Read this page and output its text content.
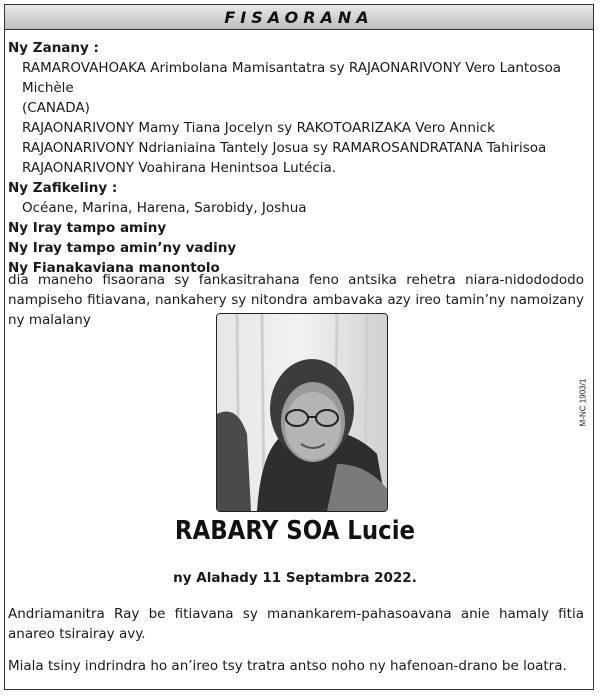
FISAORANA
Ny Zanany :
RAMAROVAHOAKA Arimbolana Mamisantatra sy RAJAONARIVONY Vero Lantosoa Michèle
(CANADA)
RAJAONARIVONY Mamy Tiana Jocelyn sy RAKOTOARIZAKA Vero Annick
RAJAONARIVONY Ndrianiaina Tantely Josua sy RAMAROSANDRATANA Tahirisoa
RAJAONARIVONY Voahirana Henintsoa Lutécia.
Ny Zafikeliny :
Océane, Marina, Harena, Sarobidy, Joshua
Ny Iray tampo aminy
Ny Iray tampo amin’ny vadiny
Ny Fianakaviana manontolo
dia maneho fisaorana sy fankasitrahana feno antsika rehetra niara-nidodododo nampiseho fitiavana, nankahery sy nitondra ambavaka azy ireo tamin’ny namoizany ny malalany
M-NC 1903/1
RABARY SOA Lucie
ny Alahady 11 Septambra 2022.
Andriamanitra Ray be fitiavana sy manankarem-pahasoavana anie hamaly fitia anareo tsirairay avy.
Miala tsiny indrindra ho an’ireo tsy tratra antso noho ny hafenoan-drano be loatra.
